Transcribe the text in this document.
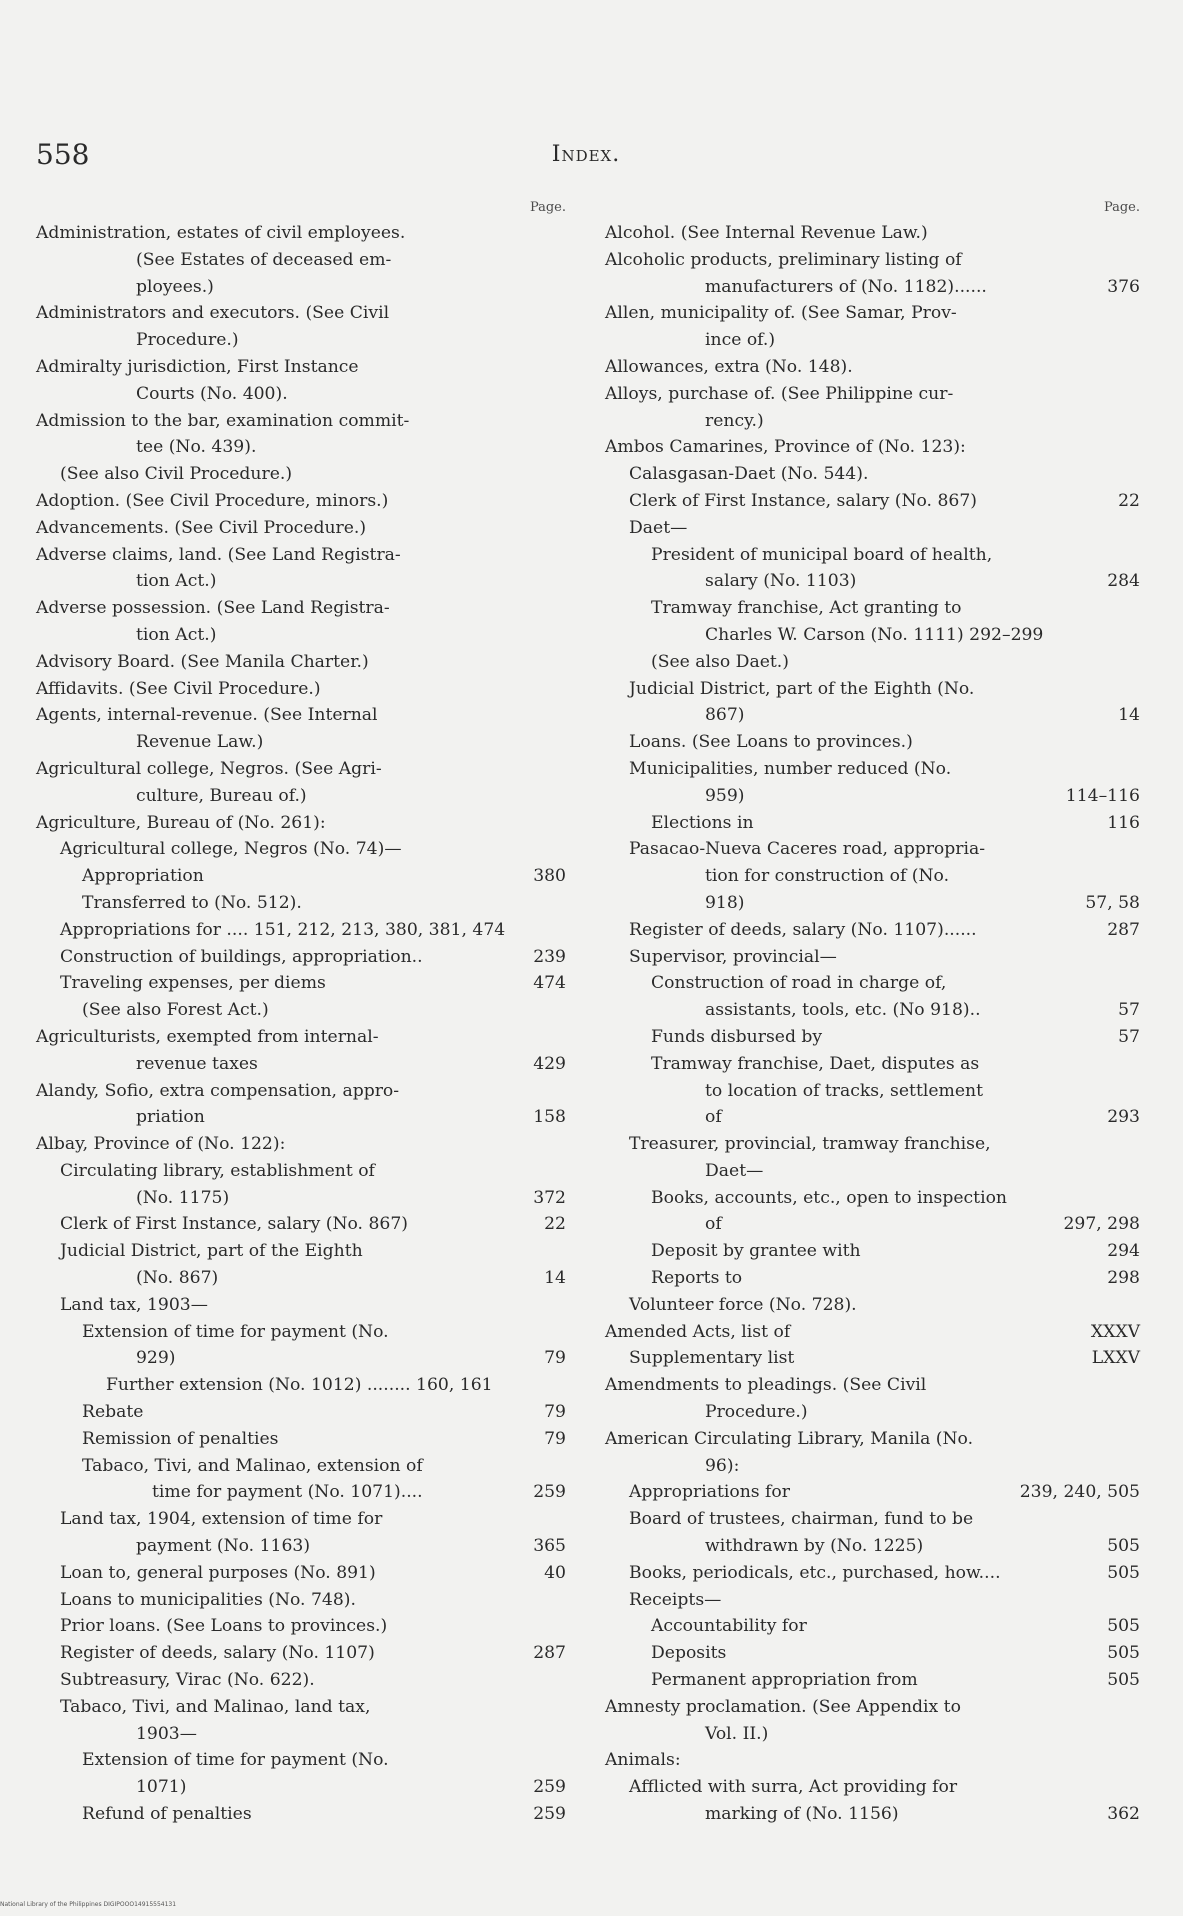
558	Index.
Page.
Administration, estates of civil employees.
(See Estates of deceased em-
ployees.)
Administrators and executors. (See Civil
Procedure.)
Admiralty jurisdiction, First Instance
Courts (No. 400).
Admission to the bar, examination commit-
tee (No. 439).
(See also Civil Procedure.)
Adoption. (See Civil Procedure, minors.)
Advancements. (See Civil Procedure.)
Adverse claims, land. (See Land Registra-
tion Act.)
Adverse possession. (See Land Registra-
tion Act.)
Advisory Board. (See Manila Charter.)
Affidavits. (See Civil Procedure.)
Agents, internal-revenue. (See Internal
Revenue Law.)
Agricultural college, Negros. (See Agri-
culture, Bureau of.)
Agriculture, Bureau of (No. 261):
Agricultural college, Negros (No. 74)—
Appropriation	380
Transferred to (No. 512).
Appropriations for .... 151, 212, 213, 380, 381, 474
Construction of buildings, appropriation..	239
Traveling expenses, per diems	474
(See also Forest Act.)
Agriculturists, exempted from internal-
revenue taxes	429
Alandy, Sofio, extra compensation, appro-
priation	158
Albay, Province of (No. 122):
Circulating library, establishment of
(No. 1175)	372
Clerk of First Instance, salary (No. 867)	22
Judicial District, part of the Eighth
(No. 867)	14
Land tax, 1903—
Extension of time for payment (No.
929)	79
Further extension (No. 1012) ........ 160, 161
Rebate	79
Remission of penalties	79
Tabaco, Tivi, and Malinao, extension of
time for payment (No. 1071)....	259
Land tax, 1904, extension of time for
payment (No. 1163)	365
Loan to, general purposes (No. 891)	40
Loans to municipalities (No. 748).
Prior loans. (See Loans to provinces.)
Register of deeds, salary (No. 1107)	287
Subtreasury, Virac (No. 622).
Tabaco, Tivi, and Malinao, land tax,
1903—
Extension of time for payment (No.
1071)	259
Refund of penalties	259
Page.
Alcohol. (See Internal Revenue Law.)
Alcoholic products, preliminary listing of
manufacturers of (No. 1182)......	376
Allen, municipality of. (See Samar, Prov-
ince of.)
Allowances, extra (No. 148).
Alloys, purchase of. (See Philippine cur-
rency.)
Ambos Camarines, Province of (No. 123):
Calasgasan-Daet (No. 544).
Clerk of First Instance, salary (No. 867)	22
Daet—
President of municipal board of health,
salary (No. 1103)	284
Tramway franchise, Act granting to
Charles W. Carson (No. 1111) 292–299
(See also Daet.)
Judicial District, part of the Eighth (No.
867)	14
Loans. (See Loans to provinces.)
Municipalities, number reduced (No.
959)	114–116
Elections in	116
Pasacao-Nueva Caceres road, appropria-
tion for construction of (No.
918)	57, 58
Register of deeds, salary (No. 1107)......	287
Supervisor, provincial—
Construction of road in charge of,
assistants, tools, etc. (No 918)..	57
Funds disbursed by	57
Tramway franchise, Daet, disputes as
to location of tracks, settlement
of	293
Treasurer, provincial, tramway franchise,
Daet—
Books, accounts, etc., open to inspection
of	297, 298
Deposit by grantee with	294
Reports to	298
Volunteer force (No. 728).
Amended Acts, list of	XXXV
Supplementary list	LXXV
Amendments to pleadings. (See Civil
Procedure.)
American Circulating Library, Manila (No.
96):
Appropriations for	239, 240, 505
Board of trustees, chairman, fund to be
withdrawn by (No. 1225)	505
Books, periodicals, etc., purchased, how....	505
Receipts—
Accountability for	505
Deposits	505
Permanent appropriation from	505
Amnesty proclamation. (See Appendix to
Vol. II.)
Animals:
Afflicted with surra, Act providing for
marking of (No. 1156)	362
National Library of the Philippines DIGIPOOO14915554131
